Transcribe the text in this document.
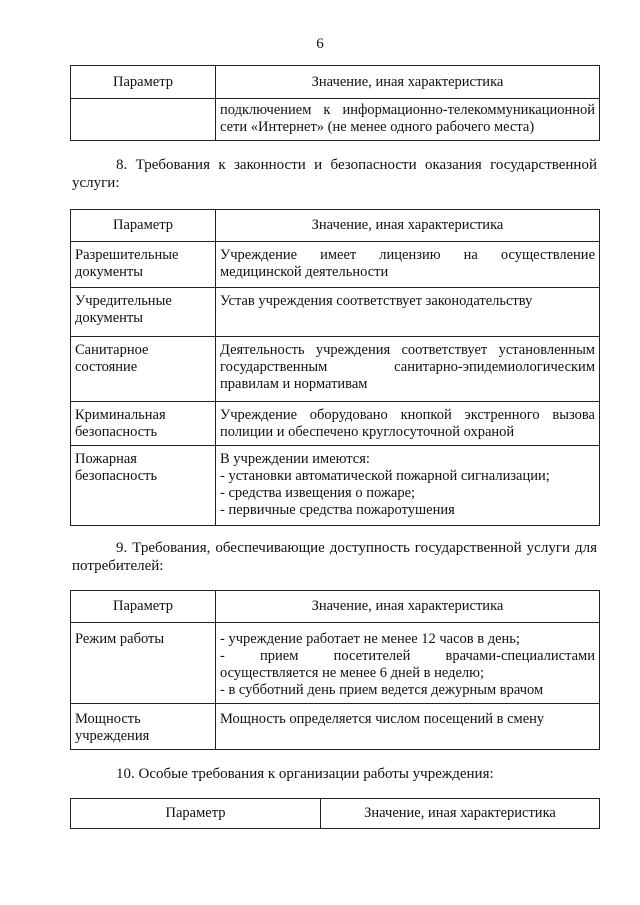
6
Параметр	Значение, иная характеристика

	подключением к информационно-телекоммуникационной
сети «Интернет» (не менее одного рабочего места)
8. Требования к законности и безопасности оказания государственной
услуги:
Параметр	Значение, иная характеристика

Разрешительные
документы	Учреждение имеет лицензию на осуществление
медицинской деятельности

Учредительные
документы	Устав учреждения соответствует законодательству

Санитарное
состояние	Деятельность учреждения соответствует установленным
государственным санитарно-эпидемиологическим
правилам и нормативам

Криминальная
безопасность	Учреждение оборудовано кнопкой экстренного вызова
полиции и обеспечено круглосуточной охраной

Пожарная
безопасность	В учреждении имеются:
- установки автоматической пожарной сигнализации;
- средства извещения о пожаре;
- первичные средства пожаротушения
9. Требования, обеспечивающие доступность государственной услуги для
потребителей:
Параметр	Значение, иная характеристика

Режим работы	- учреждение работает не менее 12 часов в день;
- прием посетителей врачами-специалистами
осуществляется не менее 6 дней в неделю;
- в субботний день прием ведется дежурным врачом

Мощность
учреждения	Мощность определяется числом посещений в смену
10. Особые требования к организации работы учреждения:
Параметр	Значение, иная характеристика
